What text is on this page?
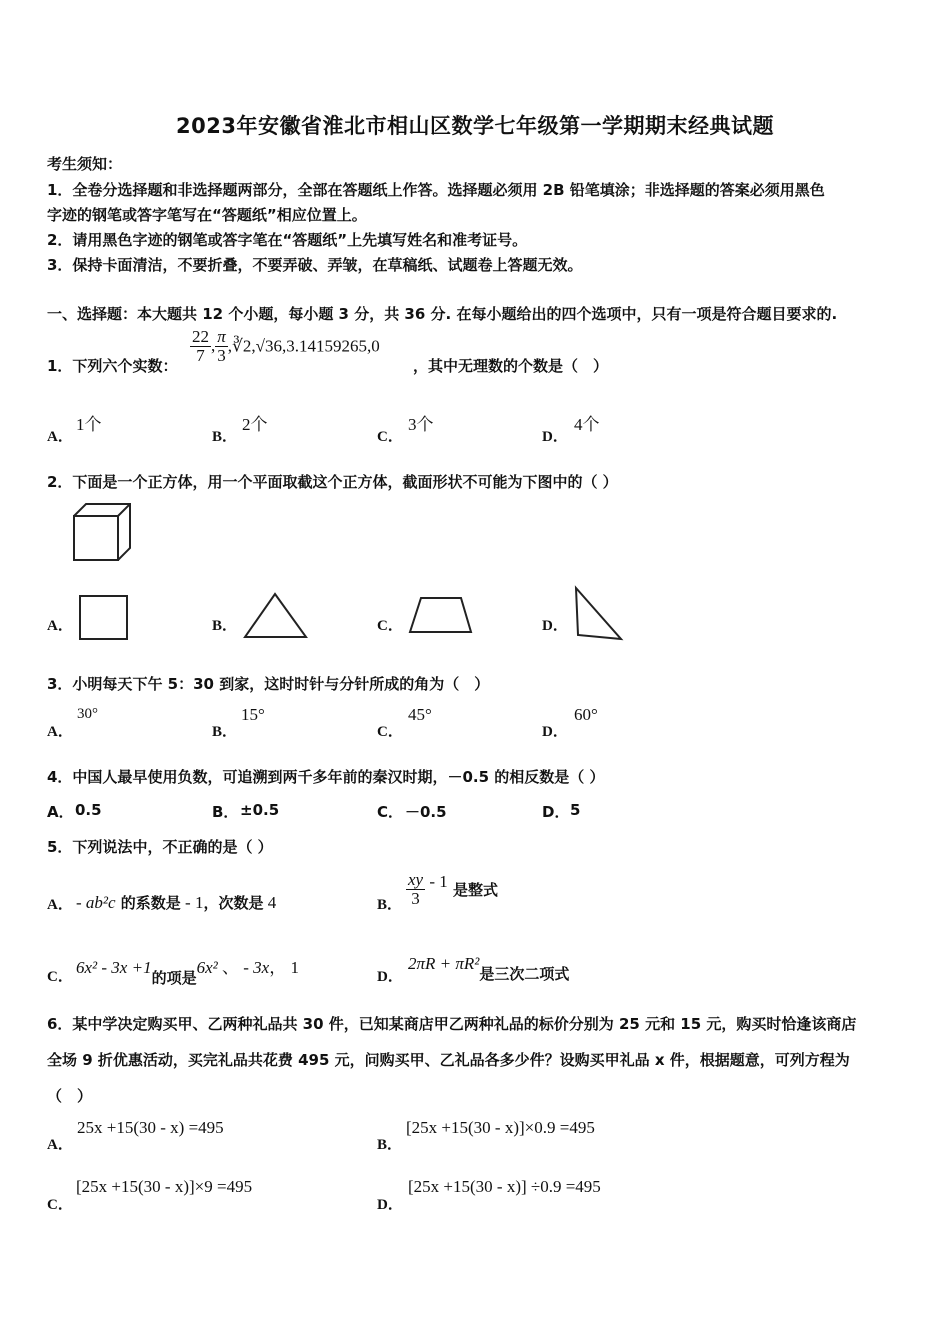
2023年安徽省淮北市相山区数学七年级第一学期期末经典试题
考生须知：
1．全卷分选择题和非选择题两部分，全部在答题纸上作答。选择题必须用 2B 铅笔填涂；非选择题的答案必须用黑色
字迹的钢笔或答字笔写在“答题纸”相应位置上。
2．请用黑色字迹的钢笔或答字笔在“答题纸”上先填写姓名和准考证号。
3．保持卡面清洁，不要折叠，不要弄破、弄皱，在草稿纸、试题卷上答题无效。
一、选择题：本大题共 12 个小题，每小题 3 分，共 36 分. 在每小题给出的四个选项中，只有一项是符合题目要求的.
1．下列六个实数：
$\frac{22}{7}$ , $\frac{\pi}{3}$ ,∛2,√36,3.14159265,0
，其中无理数的个数是（　）
A．
1个
B．
2个
C．
3个
D．
4个
2．下面是一个正方体，用一个平面取截这个正方体，截面形状不可能为下图中的（ ）
A．	B．	C．	D．
3．小明每天下午 5：30 到家，这时时针与分针所成的角为（　）
A．
30°
B．
15°
C．
45°
D．
60°
4．中国人最早使用负数，可追溯到两千多年前的秦汉时期，－0.5 的相反数是（ ）
A． 0.5	B． ±0.5	C． －0.5	D． 5
5．下列说法中，不正确的是（ ）
A． - ab²c 的系数是 - 1，次数是 4	B． $\frac{xy}{3} - 1$ 是整式
C． 6x² - 3x +1的项是6x² 、 - 3x， 1	D．
2πR + πR²是三次二项式
6．某中学决定购买甲、乙两种礼品共 30 件，已知某商店甲乙两种礼品的标价分别为 25 元和 15 元，购买时恰逢该商店
全场 9 折优惠活动，买完礼品共花费 495 元，问购买甲、乙礼品各多少件？设购买甲礼品 x 件，根据题意，可列方程为
（　）
A．
25x +15(30 - x) =495
B．
[25x +15(30 - x)]×0.9 =495
C．
[25x +15(30 - x)]×9 =495
D．
[25x +15(30 - x)] ÷0.9 =495
